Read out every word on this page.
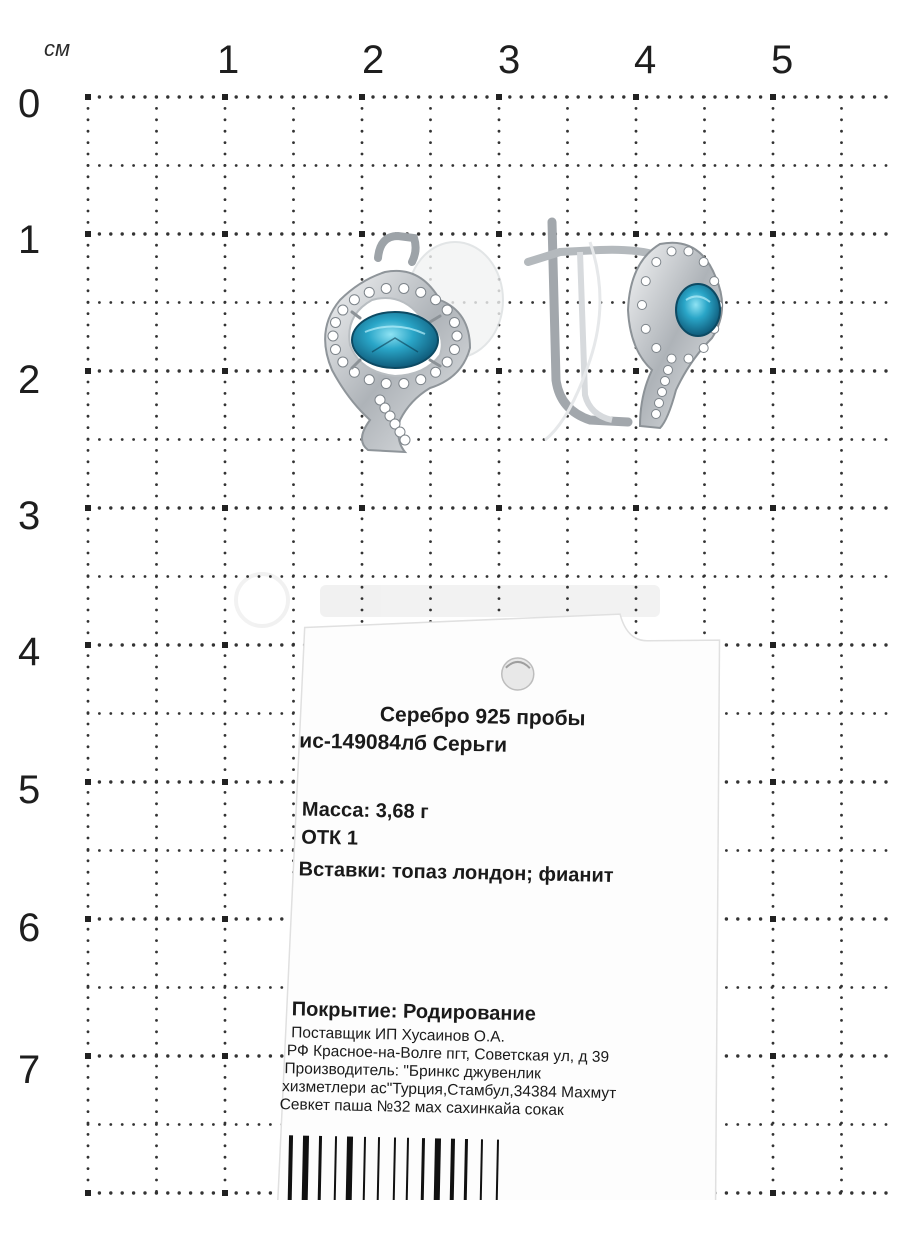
см	1	2	3	4	5
0
1
2
3
4
5
6
7
Серебро 925 пробы
ис-149084лб Серьги
Масса: 3,68 г
ОТК 1
Вставки: топаз лондон; фианит
Покрытие: Родирование
Поставщик ИП Хусаинов О.А.
РФ Красное-на-Волге пгт, Советская ул, д 39
Производитель: "Бринкс джувенлик
хизметлери ас"Турция,Стамбул,34384 Махмут
Севкет паша №32 мах сахинкайа сокак
